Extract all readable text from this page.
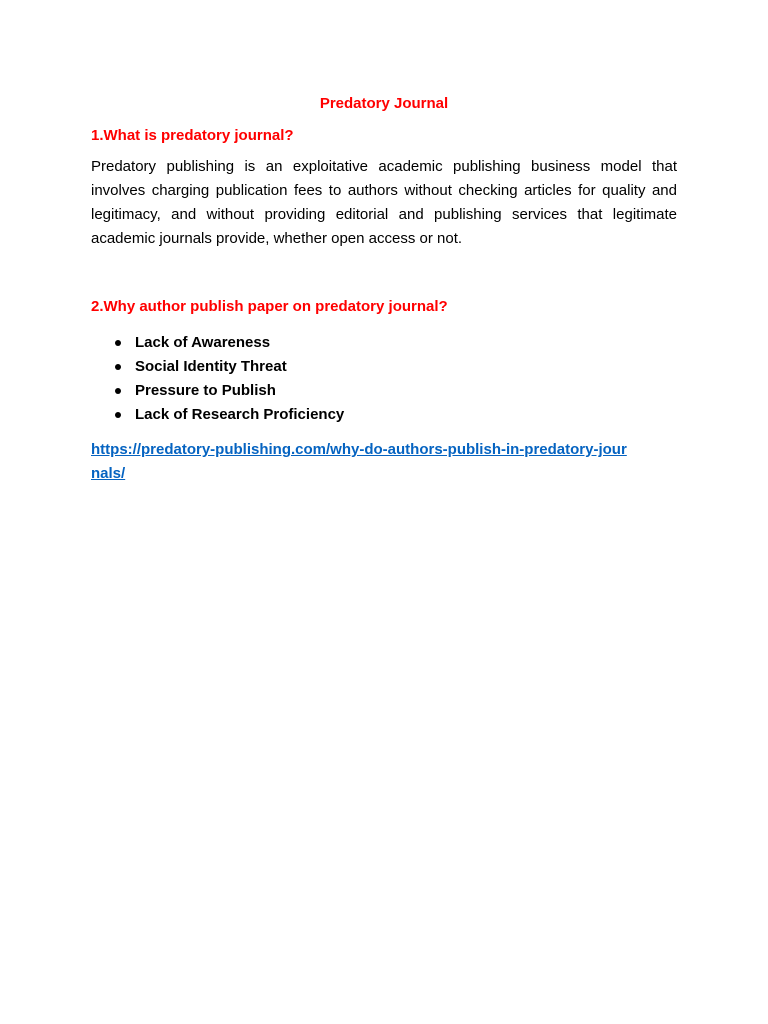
Predatory Journal
1.What is predatory journal?

Predatory publishing is an exploitative academic publishing business model that involves charging publication fees to authors without checking articles for quality and legitimacy, and without providing editorial and publishing services that legitimate academic journals provide, whether open access or not.

2.Why author publish paper on predatory journal?
Lack of Awareness
Social Identity Threat
Pressure to Publish
Lack of Research Proficiency
https://predatory-publishing.com/why-do-authors-publish-in-predatory-journals/
